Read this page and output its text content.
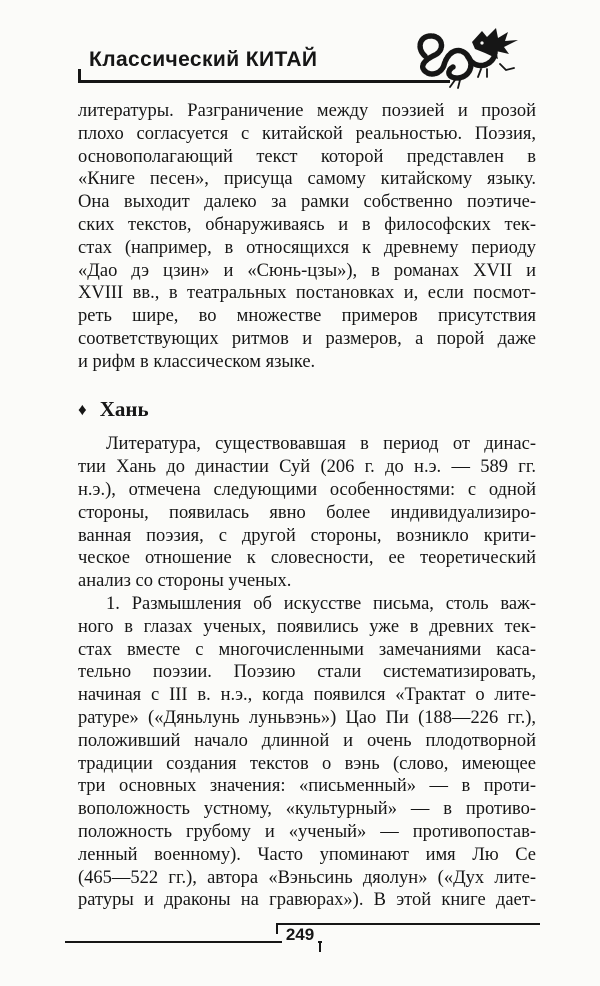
Классический КИТАЙ
литературы. Разграничение между поэзией и прозой
плохо согласуется с китайской реальностью. Поэзия,
основополагающий текст которой представлен в
«Книге песен», присуща самому китайскому языку.
Она выходит далеко за рамки собственно поэтиче-
ских текстов, обнаруживаясь и в философских тек-
стах (например, в относящихся к древнему периоду
«Дао дэ цзин» и «Сюнь-цзы»), в романах XVII и
XVIII вв., в театральных постановках и, если посмот-
реть шире, во множестве примеров присутствия
соответствующих ритмов и размеров, а порой даже
и рифм в классическом языке.
♦ Хань
Литература, существовавшая в период от динас-
тии Хань до династии Суй (206 г. до н.э. — 589 гг.
н.э.), отмечена следующими особенностями: с одной
стороны, появилась явно более индивидуализиро-
ванная поэзия, с другой стороны, возникло крити-
ческое отношение к словесности, ее теоретический
анализ со стороны ученых.
1. Размышления об искусстве письма, столь важ-
ного в глазах ученых, появились уже в древних тек-
стах вместе с многочисленными замечаниями каса-
тельно поэзии. Поэзию стали систематизировать,
начиная с III в. н.э., когда появился «Трактат о лите-
ратуре» («Дяньлунь луньвэнь») Цао Пи (188—226 гг.),
положивший начало длинной и очень плодотворной
традиции создания текстов о вэнь (слово, имеющее
три основных значения: «письменный» — в проти-
воположность устному, «культурный» — в противо-
положность грубому и «ученый» — противопостав-
ленный военному). Часто упоминают имя Лю Се
(465—522 гг.), автора «Вэньсинь дяолун» («Дух лите-
ратуры и драконы на гравюрах»). В этой книге дает-
249
